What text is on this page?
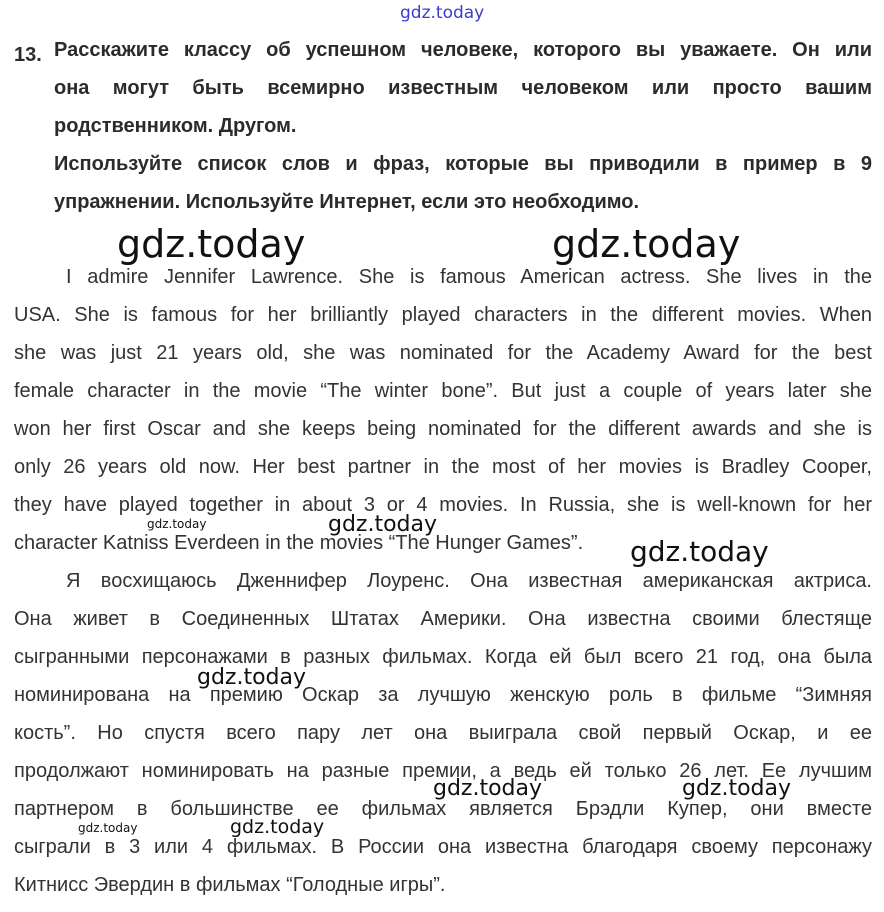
gdz.today
13. Расскажите классу об успешном человеке, которого вы уважаете. Он или
она могут быть всемирно известным человеком или просто вашим
родственником. Другом.
Используйте список слов и фраз, которые вы приводили в пример в 9
упражнении. Используйте Интернет, если это необходимо.
gdz.today	gdz.today
I admire Jennifer Lawrence. She is famous American actress. She lives in the
USA. She is famous for her brilliantly played characters in the different movies. When
she was just 21 years old, she was nominated for the Academy Award for the best
female character in the movie “The winter bone”. But just a couple of years later she
won her first Oscar and she keeps being nominated for the different awards and she is
only 26 years old now. Her best partner in the most of her movies is Bradley Cooper,
they have played together in about 3 or 4 movies. In Russia, she is well-known for her
character Katniss Everdeen in the movies “The Hunger Games”.
gdz.today	gdz.today
gdz.today
Я восхищаюсь Дженнифер Лоуренс. Она известная американская актриса.
Она живет в Соединенных Штатах Америки. Она известна своими блестяще
сыгранными персонажами в разных фильмах. Когда ей был всего 21 год, она была
номинирована на премию Оскар за лучшую женскую роль в фильме “Зимняя
кость”. Но спустя всего пару лет она выиграла свой первый Оскар, и ее
продолжают номинировать на разные премии, а ведь ей только 26 лет. Ее лучшим
партнером в большинстве ее фильмах является Брэдли Купер, они вместе
сыграли в 3 или 4 фильмах. В России она известна благодаря своему персонажу
Китнисс Эвердин в фильмах “Голодные игры”.
gdz.today
gdz.today	gdz.today
gdz.today	gdz.today
